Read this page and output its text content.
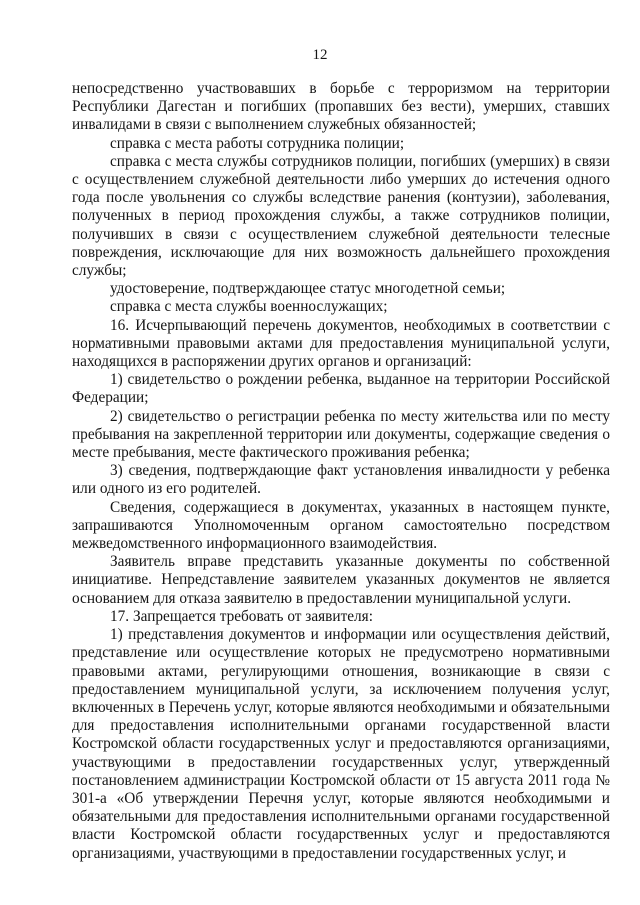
12

непосредственно участвовавших в борьбе с терроризмом на территории Республики Дагестан и погибших (пропавших без вести), умерших, ставших инвалидами в связи с выполнением служебных обязанностей;

справка с места работы сотрудника полиции;

справка с места службы сотрудников полиции, погибших (умерших) в связи с осуществлением служебной деятельности либо умерших до истечения одного года после увольнения со службы вследствие ранения (контузии), заболевания, полученных в период прохождения службы, а также сотрудников полиции, получивших в связи с осуществлением служебной деятельности телесные повреждения, исключающие для них возможность дальнейшего прохождения службы;

удостоверение, подтверждающее статус многодетной семьи;

справка с места службы военнослужащих;

16. Исчерпывающий перечень документов, необходимых в соответствии с нормативными правовыми актами для предоставления муниципальной услуги, находящихся в распоряжении других органов и организаций:

1) свидетельство о рождении ребенка, выданное на территории Российской Федерации;

2) свидетельство о регистрации ребенка по месту жительства или по месту пребывания на закрепленной территории или документы, содержащие сведения о месте пребывания, месте фактического проживания ребенка;

3) сведения, подтверждающие факт установления инвалидности у ребенка или одного из его родителей.

Сведения, содержащиеся в документах, указанных в настоящем пункте, запрашиваются Уполномоченным органом самостоятельно посредством межведомственного информационного взаимодействия.

Заявитель вправе представить указанные документы по собственной инициативе. Непредставление заявителем указанных документов не является основанием для отказа заявителю в предоставлении муниципальной услуги.

17. Запрещается требовать от заявителя:

1) представления документов и информации или осуществления действий, представление или осуществление которых не предусмотрено нормативными правовыми актами, регулирующими отношения, возникающие в связи с предоставлением муниципальной услуги, за исключением получения услуг, включенных в Перечень услуг, которые являются необходимыми и обязательными для предоставления исполнительными органами государственной власти Костромской области государственных услуг и предоставляются организациями, участвующими в предоставлении государственных услуг, утвержденный постановлением администрации Костромской области от 15 августа 2011 года № 301-а «Об утверждении Перечня услуг, которые являются необходимыми и обязательными для предоставления исполнительными органами государственной власти Костромской области государственных услуг и предоставляются организациями, участвующими в предоставлении государственных услуг, и
